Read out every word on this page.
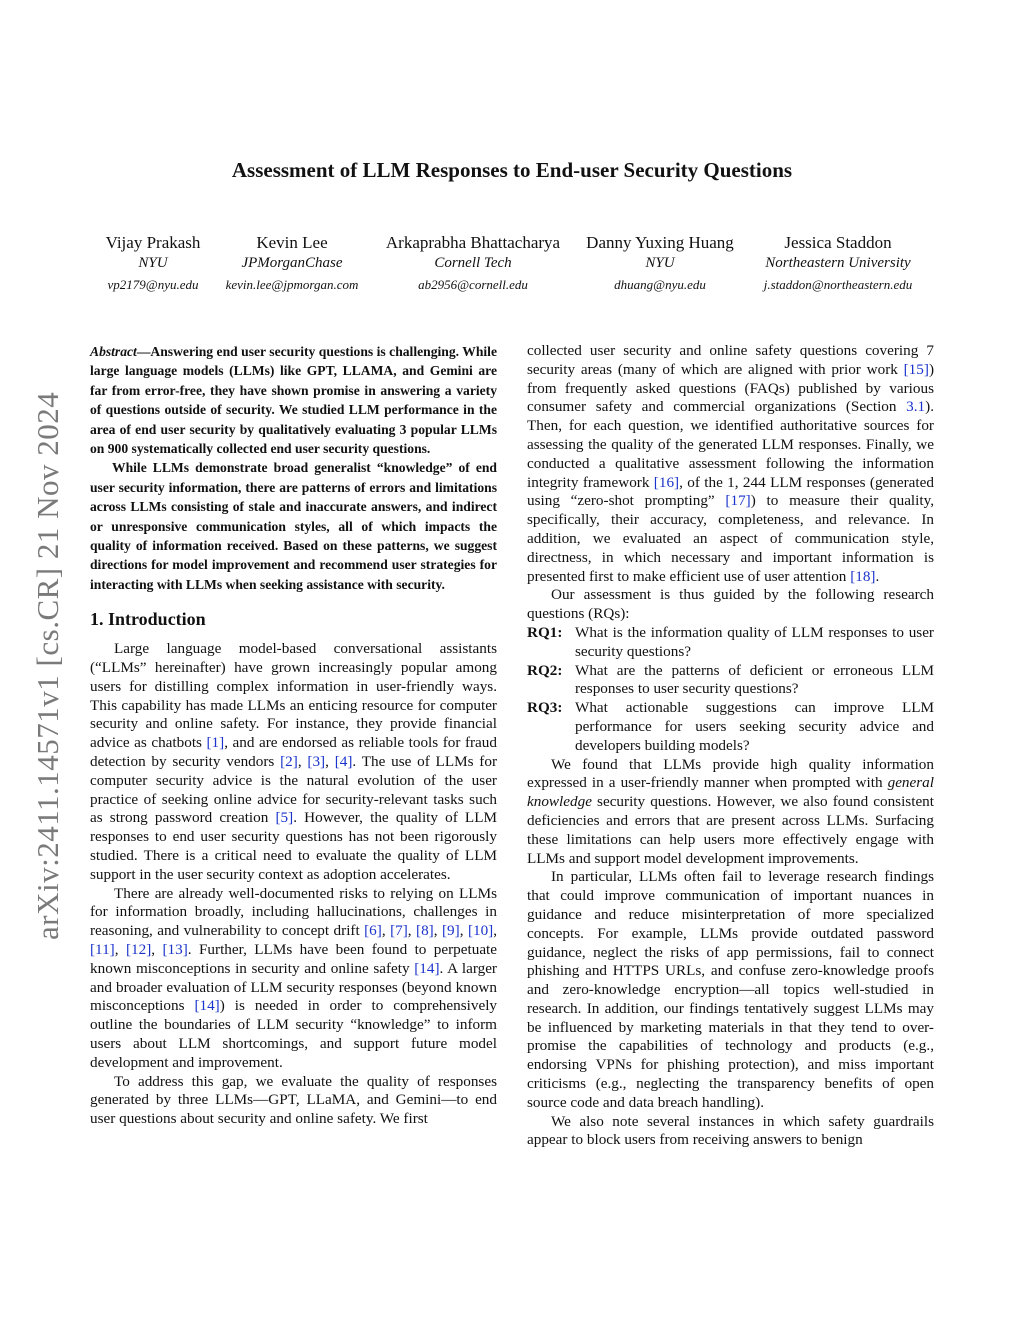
arXiv:2411.14571v1 [cs.CR] 21 Nov 2024
Assessment of LLM Responses to End-user Security Questions
Vijay Prakash
NYU
vp2179@nyu.edu
Kevin Lee
JPMorganChase
kevin.lee@jpmorgan.com
Arkaprabha Bhattacharya
Cornell Tech
ab2956@cornell.edu
Danny Yuxing Huang
NYU
dhuang@nyu.edu
Jessica Staddon
Northeastern University
j.staddon@northeastern.edu

Abstract—Answering end user security questions is challenging. While large language models (LLMs) like GPT, LLAMA, and Gemini are far from error-free, they have shown promise in answering a variety of questions outside of security. We studied LLM performance in the area of end user security by qualitatively evaluating 3 popular LLMs on 900 systematically collected end user security questions.

While LLMs demonstrate broad generalist “knowledge” of end user security information, there are patterns of errors and limitations across LLMs consisting of stale and inaccurate answers, and indirect or unresponsive communication styles, all of which impacts the quality of information received. Based on these patterns, we suggest directions for model improvement and recommend user strategies for interacting with LLMs when seeking assistance with security.

1. Introduction

Large language model-based conversational assistants (“LLMs” hereinafter) have grown increasingly popular among users for distilling complex information in user-friendly ways. This capability has made LLMs an enticing resource for computer security and online safety. For instance, they provide financial advice as chatbots [1], and are endorsed as reliable tools for fraud detection by security vendors [2], [3], [4]. The use of LLMs for computer security advice is the natural evolution of the user practice of seeking online advice for security-relevant tasks such as strong password creation [5]. However, the quality of LLM responses to end user security questions has not been rigorously studied. There is a critical need to evaluate the quality of LLM support in the user security context as adoption accelerates.

There are already well-documented risks to relying on LLMs for information broadly, including hallucinations, challenges in reasoning, and vulnerability to concept drift [6], [7], [8], [9], [10], [11], [12], [13]. Further, LLMs have been found to perpetuate known misconceptions in security and online safety [14]. A larger and broader evaluation of LLM security responses (beyond known misconceptions [14]) is needed in order to comprehensively outline the boundaries of LLM security “knowledge” to inform users about LLM shortcomings, and support future model development and improvement.

To address this gap, we evaluate the quality of responses generated by three LLMs—GPT, LLaMA, and Gemini—to end user questions about security and online safety. We first

collected user security and online safety questions covering 7 security areas (many of which are aligned with prior work [15]) from frequently asked questions (FAQs) published by various consumer safety and commercial organizations (Section 3.1). Then, for each question, we identified authoritative sources for assessing the quality of the generated LLM responses. Finally, we conducted a qualitative assessment following the information integrity framework [16], of the 1, 244 LLM responses (generated using “zero-shot prompting” [17]) to measure their quality, specifically, their accuracy, completeness, and relevance. In addition, we evaluated an aspect of communication style, directness, in which necessary and important information is presented first to make efficient use of user attention [18].

Our assessment is thus guided by the following research questions (RQs):

RQ1: What is the information quality of LLM responses to user security questions?
RQ2: What are the patterns of deficient or erroneous LLM responses to user security questions?
RQ3: What actionable suggestions can improve LLM performance for users seeking security advice and developers building models?

We found that LLMs provide high quality information expressed in a user-friendly manner when prompted with general knowledge security questions. However, we also found consistent deficiencies and errors that are present across LLMs. Surfacing these limitations can help users more effectively engage with LLMs and support model development improvements.

In particular, LLMs often fail to leverage research findings that could improve communication of important nuances in guidance and reduce misinterpretation of more specialized concepts. For example, LLMs provide outdated password guidance, neglect the risks of app permissions, fail to connect phishing and HTTPS URLs, and confuse zero-knowledge proofs and zero-knowledge encryption—all topics well-studied in research. In addition, our findings tentatively suggest LLMs may be influenced by marketing materials in that they tend to over-promise the capabilities of technology and products (e.g., endorsing VPNs for phishing protection), and miss important criticisms (e.g., neglecting the transparency benefits of open source code and data breach handling).

We also note several instances in which safety guardrails appear to block users from receiving answers to benign
